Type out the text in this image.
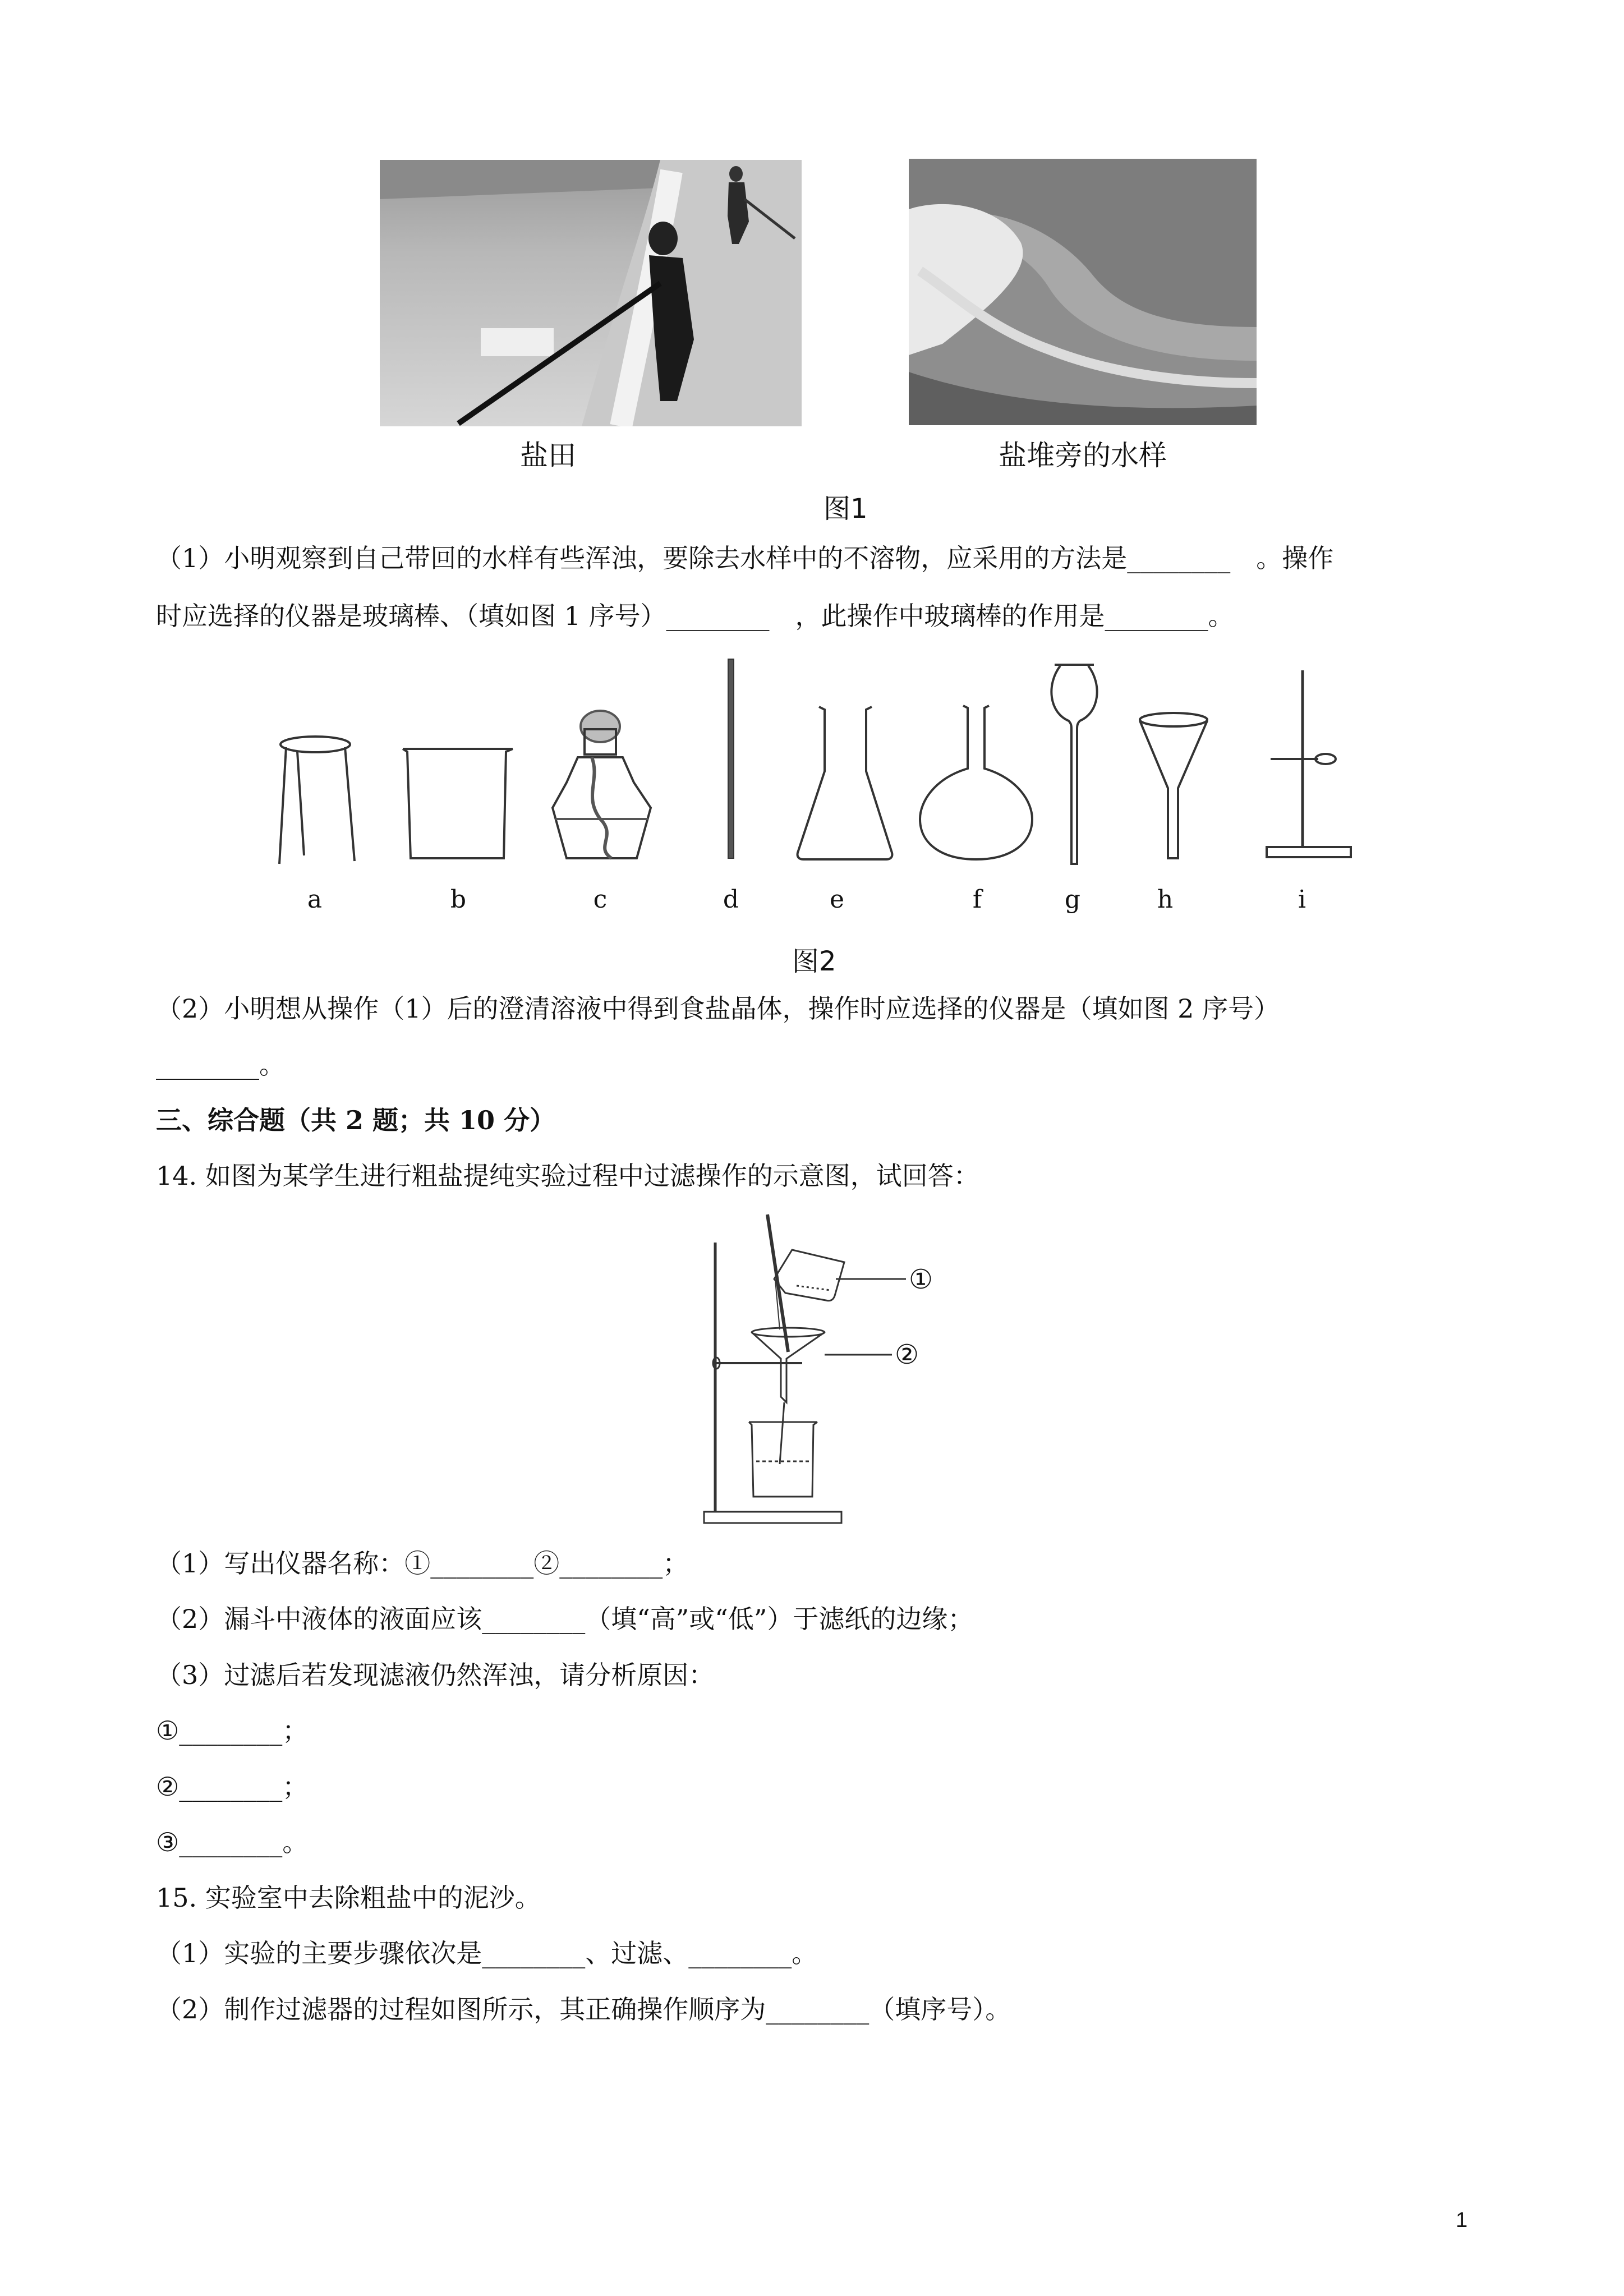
盐田	盐堆旁的水样
图1
（1）小明观察到自己带回的水样有些浑浊，要除去水样中的不溶物，应采用的方法是________　。操作
时应选择的仪器是玻璃棒、（填如图 1 序号）________　，此操作中玻璃棒的作用是________。
a	b	c	d	e	f	g	h	i
图2
（2）小明想从操作（1）后的澄清溶液中得到食盐晶体，操作时应选择的仪器是（填如图 2 序号）
________。
三、综合题（共 2 题；共 10 分）
14. 如图为某学生进行粗盐提纯实验过程中过滤操作的示意图，试回答：
①
②
（1）写出仪器名称：①________②________；
（2）漏斗中液体的液面应该________（填“高”或“低”）于滤纸的边缘；
（3）过滤后若发现滤液仍然浑浊，请分析原因：
①________；
②________；
③________。
15. 实验室中去除粗盐中的泥沙。
（1）实验的主要步骤依次是________、过滤、________。
（2）制作过滤器的过程如图所示，其正确操作顺序为________（填序号）。
1
